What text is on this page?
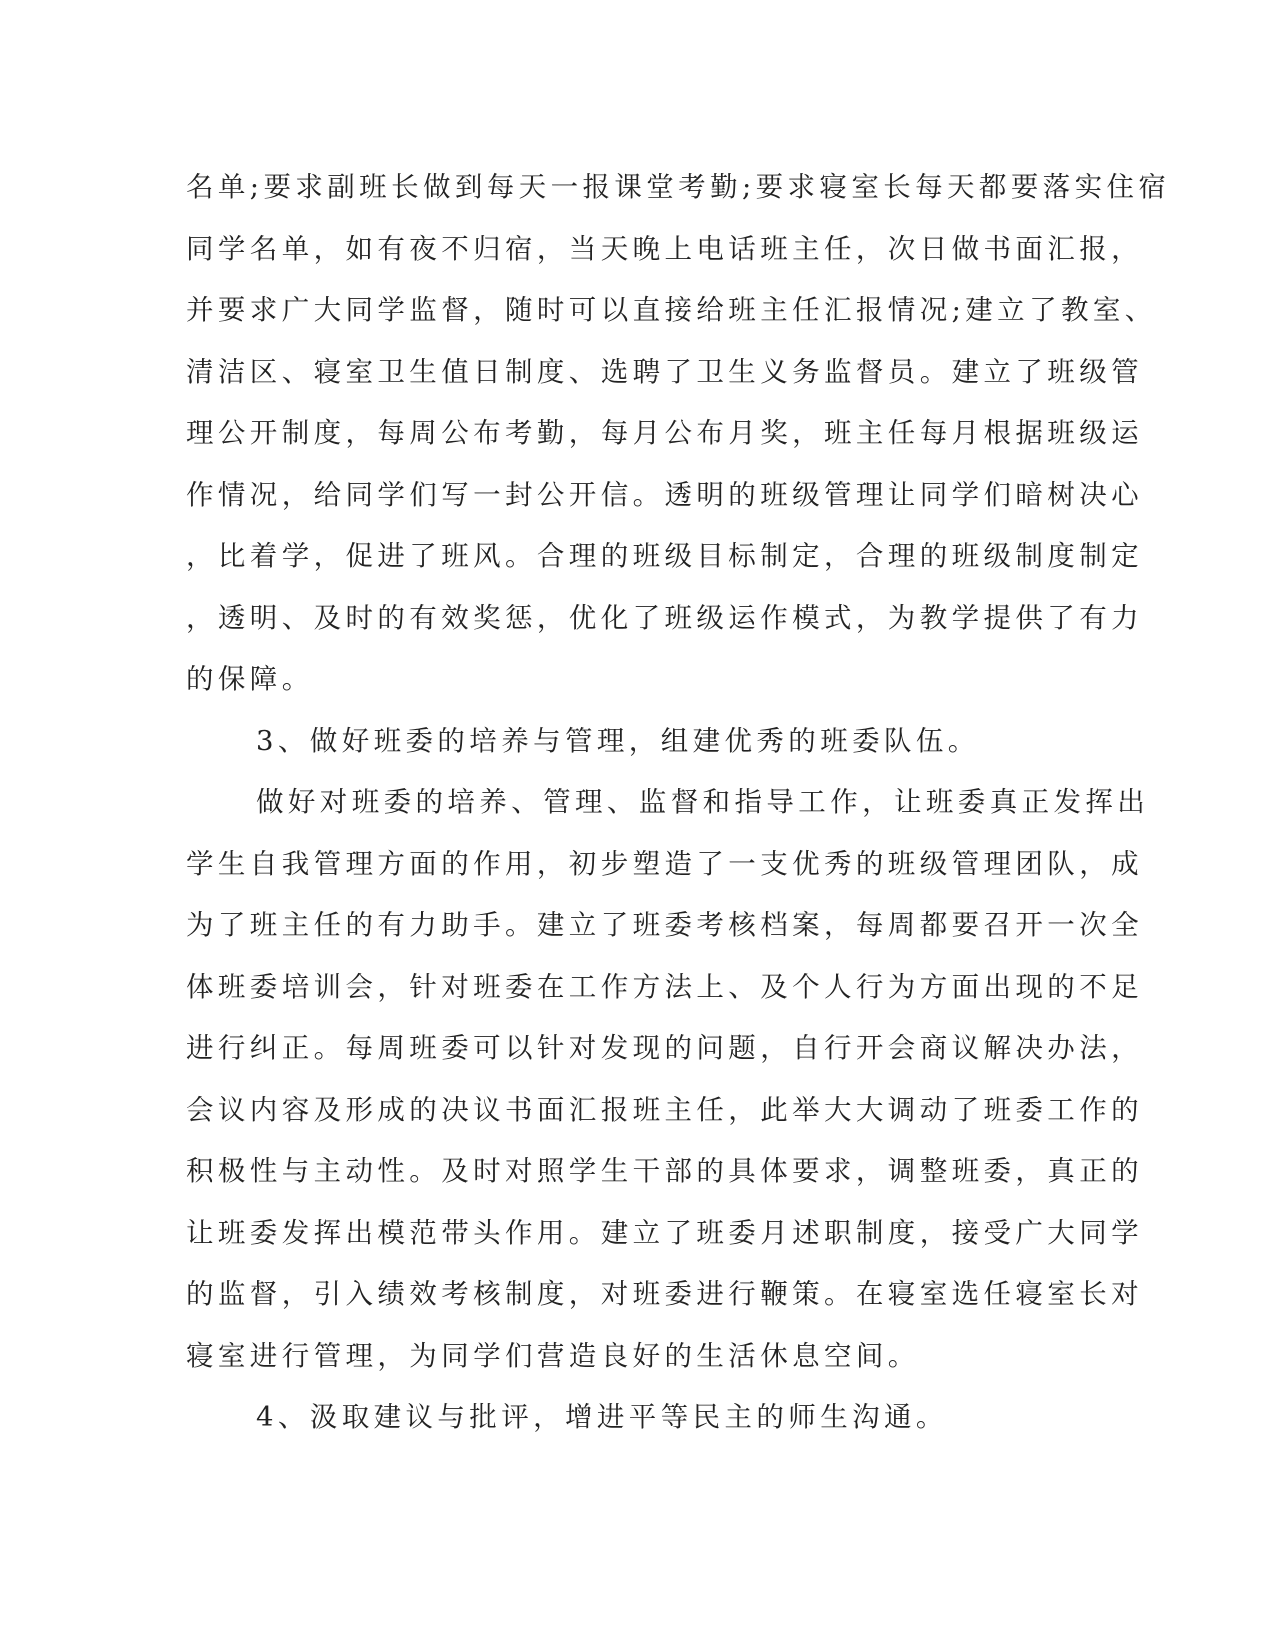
名单;要求副班长做到每天一报课堂考勤;要求寝室长每天都要落实住宿
同学名单，如有夜不归宿，当天晚上电话班主任，次日做书面汇报，
并要求广大同学监督，随时可以直接给班主任汇报情况;建立了教室、
清洁区、寝室卫生值日制度、选聘了卫生义务监督员。建立了班级管
理公开制度，每周公布考勤，每月公布月奖，班主任每月根据班级运
作情况，给同学们写一封公开信。透明的班级管理让同学们暗树决心
，比着学，促进了班风。合理的班级目标制定，合理的班级制度制定
，透明、及时的有效奖惩，优化了班级运作模式，为教学提供了有力
的保障。
3、做好班委的培养与管理，组建优秀的班委队伍。
做好对班委的培养、管理、监督和指导工作，让班委真正发挥出
学生自我管理方面的作用，初步塑造了一支优秀的班级管理团队，成
为了班主任的有力助手。建立了班委考核档案，每周都要召开一次全
体班委培训会，针对班委在工作方法上、及个人行为方面出现的不足
进行纠正。每周班委可以针对发现的问题，自行开会商议解决办法，
会议内容及形成的决议书面汇报班主任，此举大大调动了班委工作的
积极性与主动性。及时对照学生干部的具体要求，调整班委，真正的
让班委发挥出模范带头作用。建立了班委月述职制度，接受广大同学
的监督，引入绩效考核制度，对班委进行鞭策。在寝室选任寝室长对
寝室进行管理，为同学们营造良好的生活休息空间。
4、汲取建议与批评，增进平等民主的师生沟通。
